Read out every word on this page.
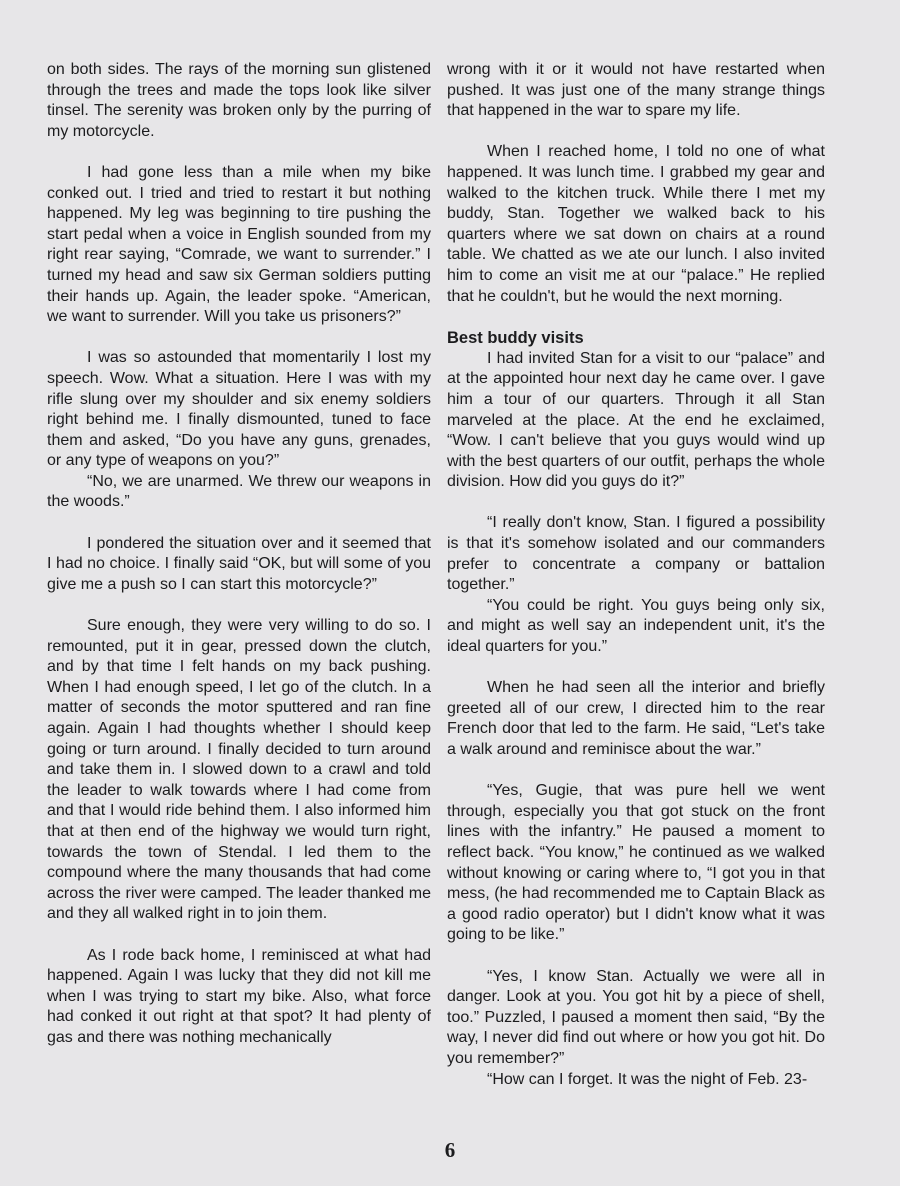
on both sides. The rays of the morning sun glistened through the trees and made the tops look like silver tinsel. The serenity was broken only by the purring of my motorcycle.

I had gone less than a mile when my bike conked out. I tried and tried to restart it but nothing happened. My leg was beginning to tire pushing the start pedal when a voice in English sounded from my right rear saying, “Comrade, we want to surrender.” I turned my head and saw six German soldiers putting their hands up. Again, the leader spoke. “American, we want to surrender. Will you take us prisoners?”

I was so astounded that momentarily I lost my speech. Wow. What a situation. Here I was with my rifle slung over my shoulder and six enemy soldiers right behind me. I finally dismounted, tuned to face them and asked, “Do you have any guns, grenades, or any type of weapons on you?”

“No, we are unarmed. We threw our weapons in the woods.”

I pondered the situation over and it seemed that I had no choice. I finally said “OK, but will some of you give me a push so I can start this motorcycle?”

Sure enough, they were very willing to do so. I remounted, put it in gear, pressed down the clutch, and by that time I felt hands on my back pushing. When I had enough speed, I let go of the clutch. In a matter of seconds the motor sputtered and ran fine again. Again I had thoughts whether I should keep going or turn around. I finally decided to turn around and take them in. I slowed down to a crawl and told the leader to walk towards where I had come from and that I would ride behind them. I also informed him that at then end of the highway we would turn right, towards the town of Stendal. I led them to the compound where the many thousands that had come across the river were camped. The leader thanked me and they all walked right in to join them.

As I rode back home, I reminisced at what had happened. Again I was lucky that they did not kill me when I was trying to start my bike. Also, what force had conked it out right at that spot? It had plenty of gas and there was nothing mechanically

wrong with it or it would not have restarted when pushed. It was just one of the many strange things that happened in the war to spare my life.

When I reached home, I told no one of what happened. It was lunch time. I grabbed my gear and walked to the kitchen truck. While there I met my buddy, Stan. Together we walked back to his quarters where we sat down on chairs at a round table. We chatted as we ate our lunch. I also invited him to come an visit me at our “palace.” He replied that he couldn't, but he would the next morning.

Best buddy visits

I had invited Stan for a visit to our “palace” and at the appointed hour next day he came over. I gave him a tour of our quarters. Through it all Stan marveled at the place. At the end he exclaimed, “Wow. I can't believe that you guys would wind up with the best quarters of our outfit, perhaps the whole division. How did you guys do it?”

“I really don't know, Stan. I figured a possibility is that it's somehow isolated and our commanders prefer to concentrate a company or battalion together.”

“You could be right. You guys being only six, and might as well say an independent unit, it's the ideal quarters for you.”

When he had seen all the interior and briefly greeted all of our crew, I directed him to the rear French door that led to the farm. He said, “Let's take a walk around and reminisce about the war.”

“Yes, Gugie, that was pure hell we went through, especially you that got stuck on the front lines with the infantry.” He paused a moment to reflect back. “You know,” he continued as we walked without knowing or caring where to, “I got you in that mess, (he had recommended me to Captain Black as a good radio operator) but I didn't know what it was going to be like.”

“Yes, I know Stan. Actually we were all in danger. Look at you. You got hit by a piece of shell, too.” Puzzled, I paused a moment then said, “By the way, I never did find out where or how you got hit. Do you remember?”

“How can I forget. It was the night of Feb. 23-

6
